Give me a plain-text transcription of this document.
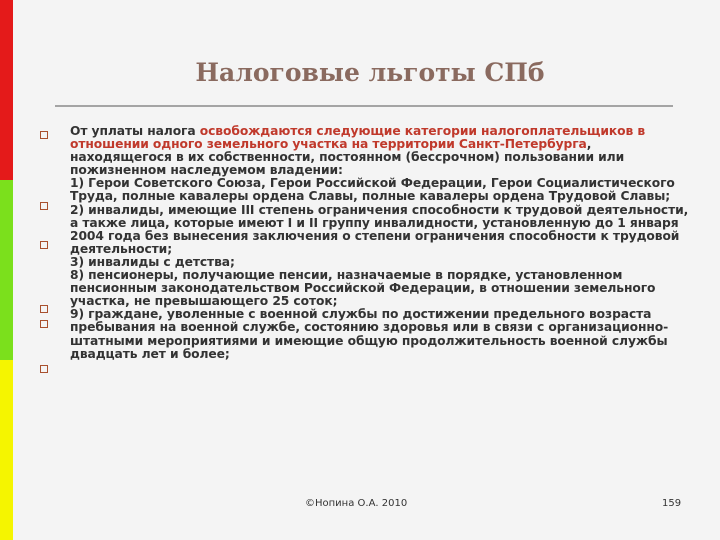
Налоговые льготы СПб

От уплаты налога освобождаются следующие категории налогоплательщиков в отношении одного земельного участка на территории Санкт-Петербурга, находящегося в их собственности, постоянном (бессрочном) пользовании или пожизненном наследуемом владении:

1) Герои Советского Союза, Герои Российской Федерации, Герои Социалистического Труда, полные кавалеры ордена Славы, полные кавалеры ордена Трудовой Славы;

2) инвалиды, имеющие III степень ограничения способности к трудовой деятельности, а также лица, которые имеют I и II группу инвалидности, установленную до 1 января 2004 года без вынесения заключения о степени ограничения способности к трудовой деятельности;

3) инвалиды с детства;

8) пенсионеры, получающие пенсии, назначаемые в порядке, установленном пенсионным законодательством Российской Федерации, в отношении земельного участка, не превышающего 25 соток;

9) граждане, уволенные с военной службы по достижении предельного возраста пребывания на военной службе, состоянию здоровья или в связи с организационно-штатными мероприятиями и имеющие общую продолжительность военной службы двадцать лет и более;

©Нопина О.А. 2010	159
